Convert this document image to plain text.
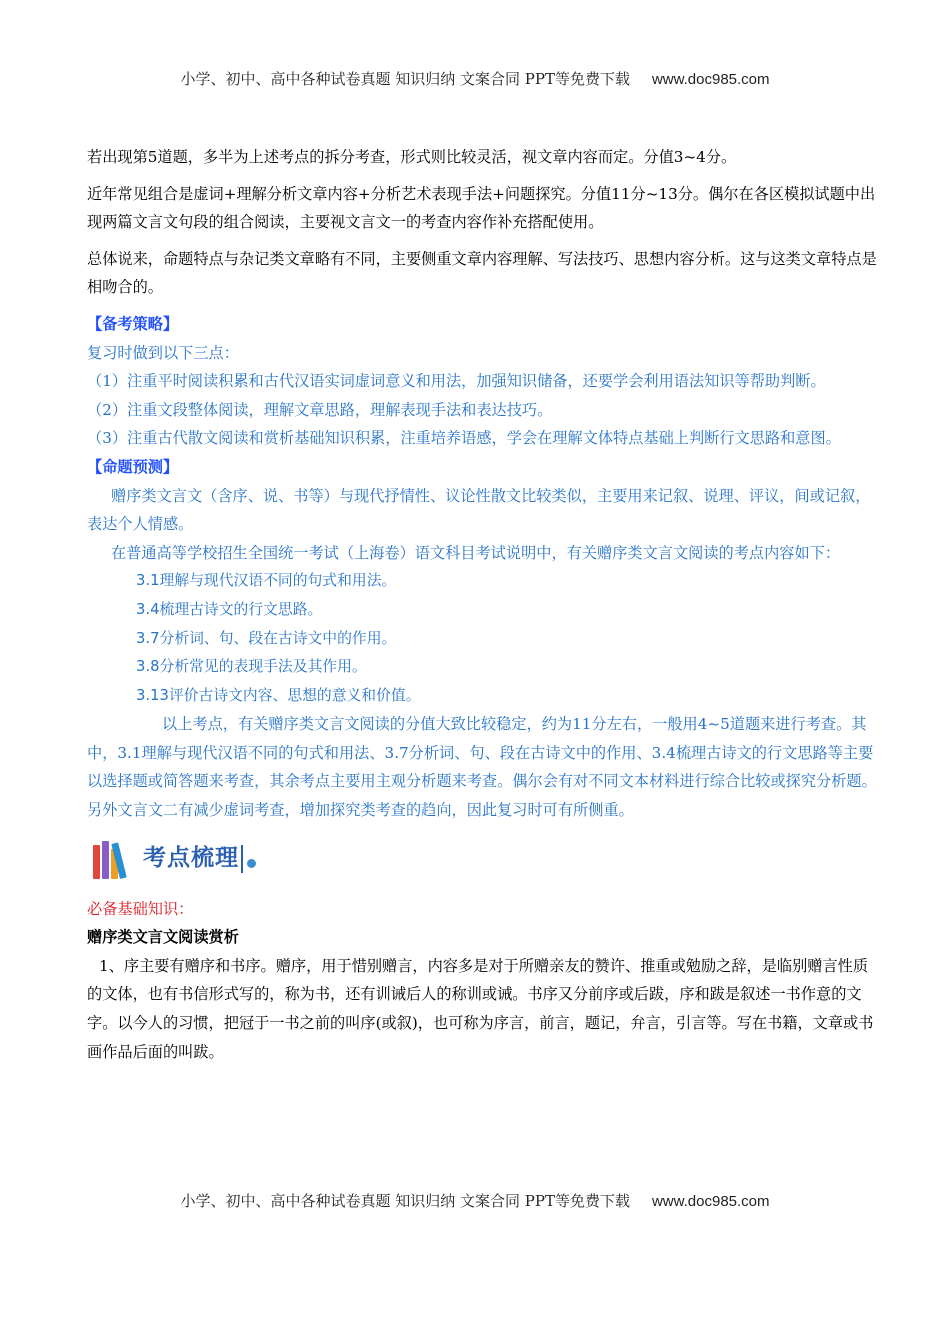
小学、初中、高中各种试卷真题 知识归纳 文案合同 PPT等免费下载 www.doc985.com

若出现第5道题，多半为上述考点的拆分考查，形式则比较灵活，视文章内容而定。分值3~4分。

近年常见组合是虚词+理解分析文章内容+分析艺术表现手法+问题探究。分值11分~13分。偶尔在各区模拟试题中出现两篇文言文句段的组合阅读，主要视文言文一的考查内容作补充搭配使用。

总体说来，命题特点与杂记类文章略有不同，主要侧重文章内容理解、写法技巧、思想内容分析。这与这类文章特点是相吻合的。

【备考策略】

复习时做到以下三点：

（1）注重平时阅读积累和古代汉语实词虚词意义和用法，加强知识储备，还要学会利用语法知识等帮助判断。

（2）注重文段整体阅读，理解文章思路，理解表现手法和表达技巧。

（3）注重古代散文阅读和赏析基础知识积累，注重培养语感，学会在理解文体特点基础上判断行文思路和意图。

【命题预测】

赠序类文言文（含序、说、书等）与现代抒情性、议论性散文比较类似，主要用来记叙、说理、评议，间或记叙，表达个人情感。

在普通高等学校招生全国统一考试（上海卷）语文科目考试说明中，有关赠序类文言文阅读的考点内容如下：

3.1理解与现代汉语不同的句式和用法。

3.4梳理古诗文的行文思路。

3.7分析词、句、段在古诗文中的作用。

3.8分析常见的表现手法及其作用。

3.13评价古诗文内容、思想的意义和价值。

以上考点，有关赠序类文言文阅读的分值大致比较稳定，约为11分左右，一般用4~5道题来进行考查。其中，3.1理解与现代汉语不同的句式和用法、3.7分析词、句、段在古诗文中的作用、3.4梳理古诗文的行文思路等主要以选择题或简答题来考查，其余考点主要用主观分析题来考查。偶尔会有对不同文本材料进行综合比较或探究分析题。另外文言文二有减少虚词考查，增加探究类考查的趋向，因此复习时可有所侧重。

考点梳理

必备基础知识：

赠序类文言文阅读赏析

1、序主要有赠序和书序。赠序，用于惜别赠言，内容多是对于所赠亲友的赞许、推重或勉励之辞，是临别赠言性质的文体，也有书信形式写的，称为书，还有训诫后人的称训或诫。书序又分前序或后跋，序和跋是叙述一书作意的文字。以今人的习惯，把冠于一书之前的叫序(或叙)，也可称为序言，前言，题记，弁言，引言等。写在书籍，文章或书画作品后面的叫跋。

小学、初中、高中各种试卷真题 知识归纳 文案合同 PPT等免费下载 www.doc985.com
